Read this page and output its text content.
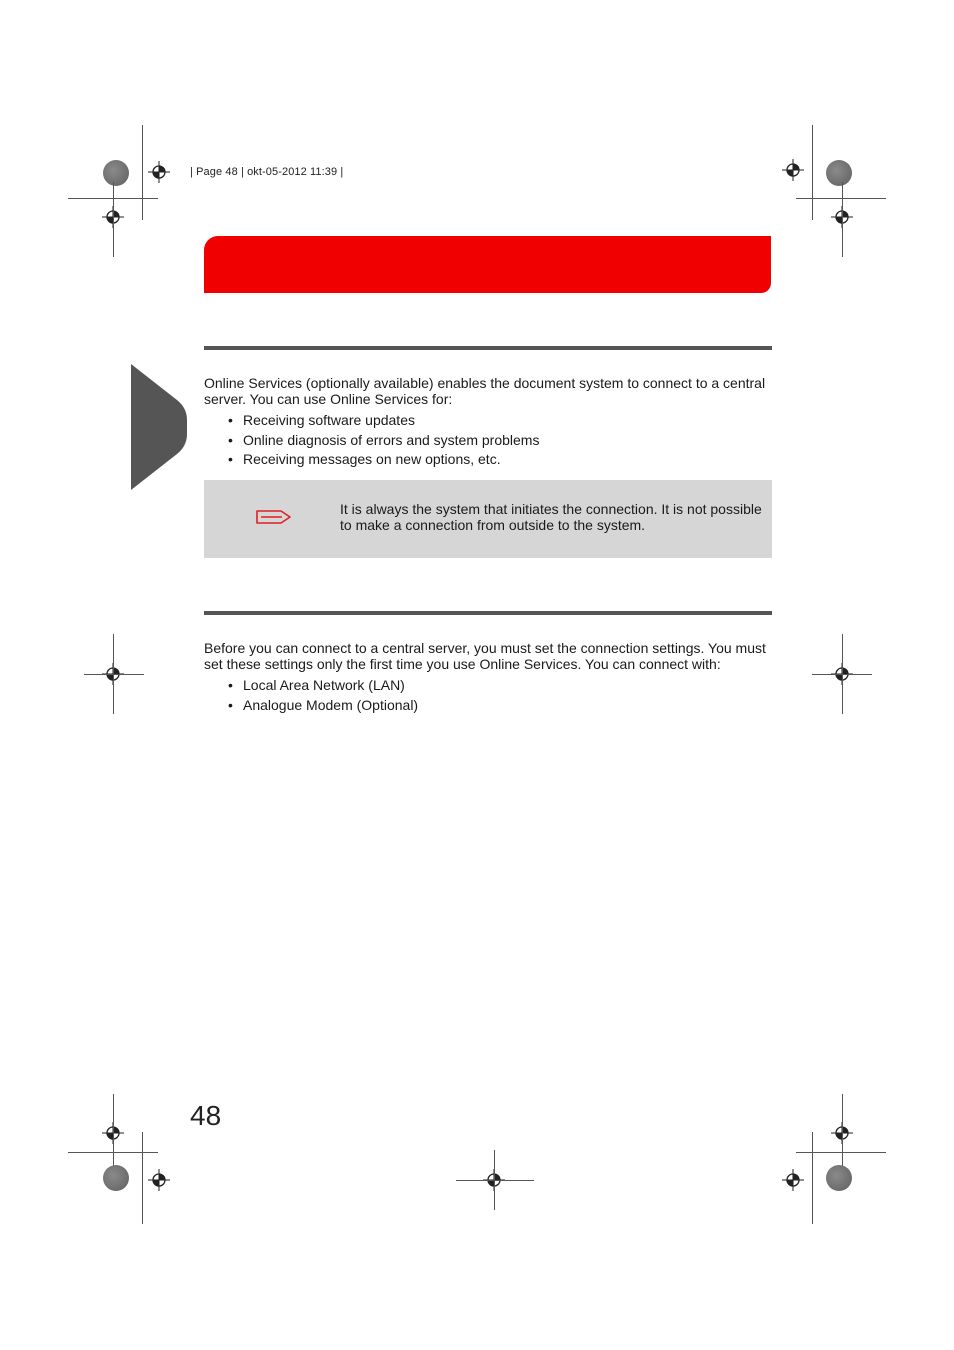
| Page 48 | okt-05-2012 11:39 |
Online Services (optionally available) enables the document system to connect to a central server. You can use Online Services for:
• Receiving software updates
• Online diagnosis of errors and system problems
• Receiving messages on new options, etc.
It is always the system that initiates the connection. It is not possible to make a connection from outside to the system.
Before you can connect to a central server, you must set the connection settings. You must set these settings only the first time you use Online Services. You can connect with:
• Local Area Network (LAN)
• Analogue Modem (Optional)
48
